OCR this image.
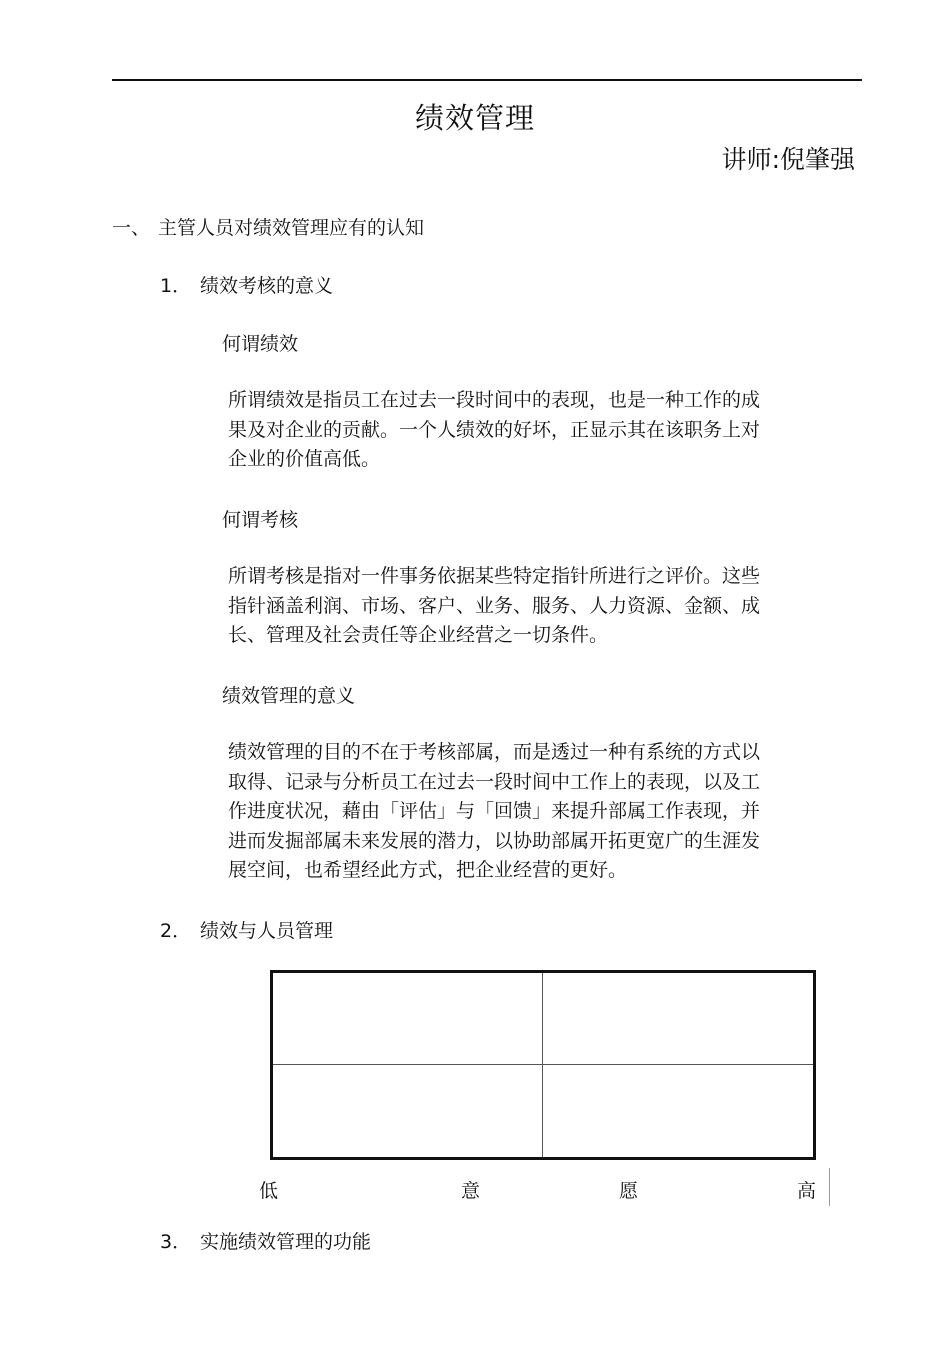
绩效管理
讲师:倪肇强
一、 主管人员对绩效管理应有的认知
1． 绩效考核的意义
何谓绩效
所谓绩效是指员工在过去一段时间中的表现，也是一种工作的成
果及对企业的贡献。一个人绩效的好坏，正显示其在该职务上对
企业的价值高低。
何谓考核
所谓考核是指对一件事务依据某些特定指针所进行之评价。这些
指针涵盖利润、市场、客户、业务、服务、人力资源、金额、成
长、管理及社会责任等企业经营之一切条件。
绩效管理的意义
绩效管理的目的不在于考核部属，而是透过一种有系统的方式以
取得、记录与分析员工在过去一段时间中工作上的表现，以及工
作进度状况，藉由「评估」与「回馈」来提升部属工作表现，并
进而发掘部属未来发展的潜力，以协助部属开拓更宽广的生涯发
展空间，也希望经此方式，把企业经营的更好。
2． 绩效与人员管理
低	意	愿	高
3． 实施绩效管理的功能
